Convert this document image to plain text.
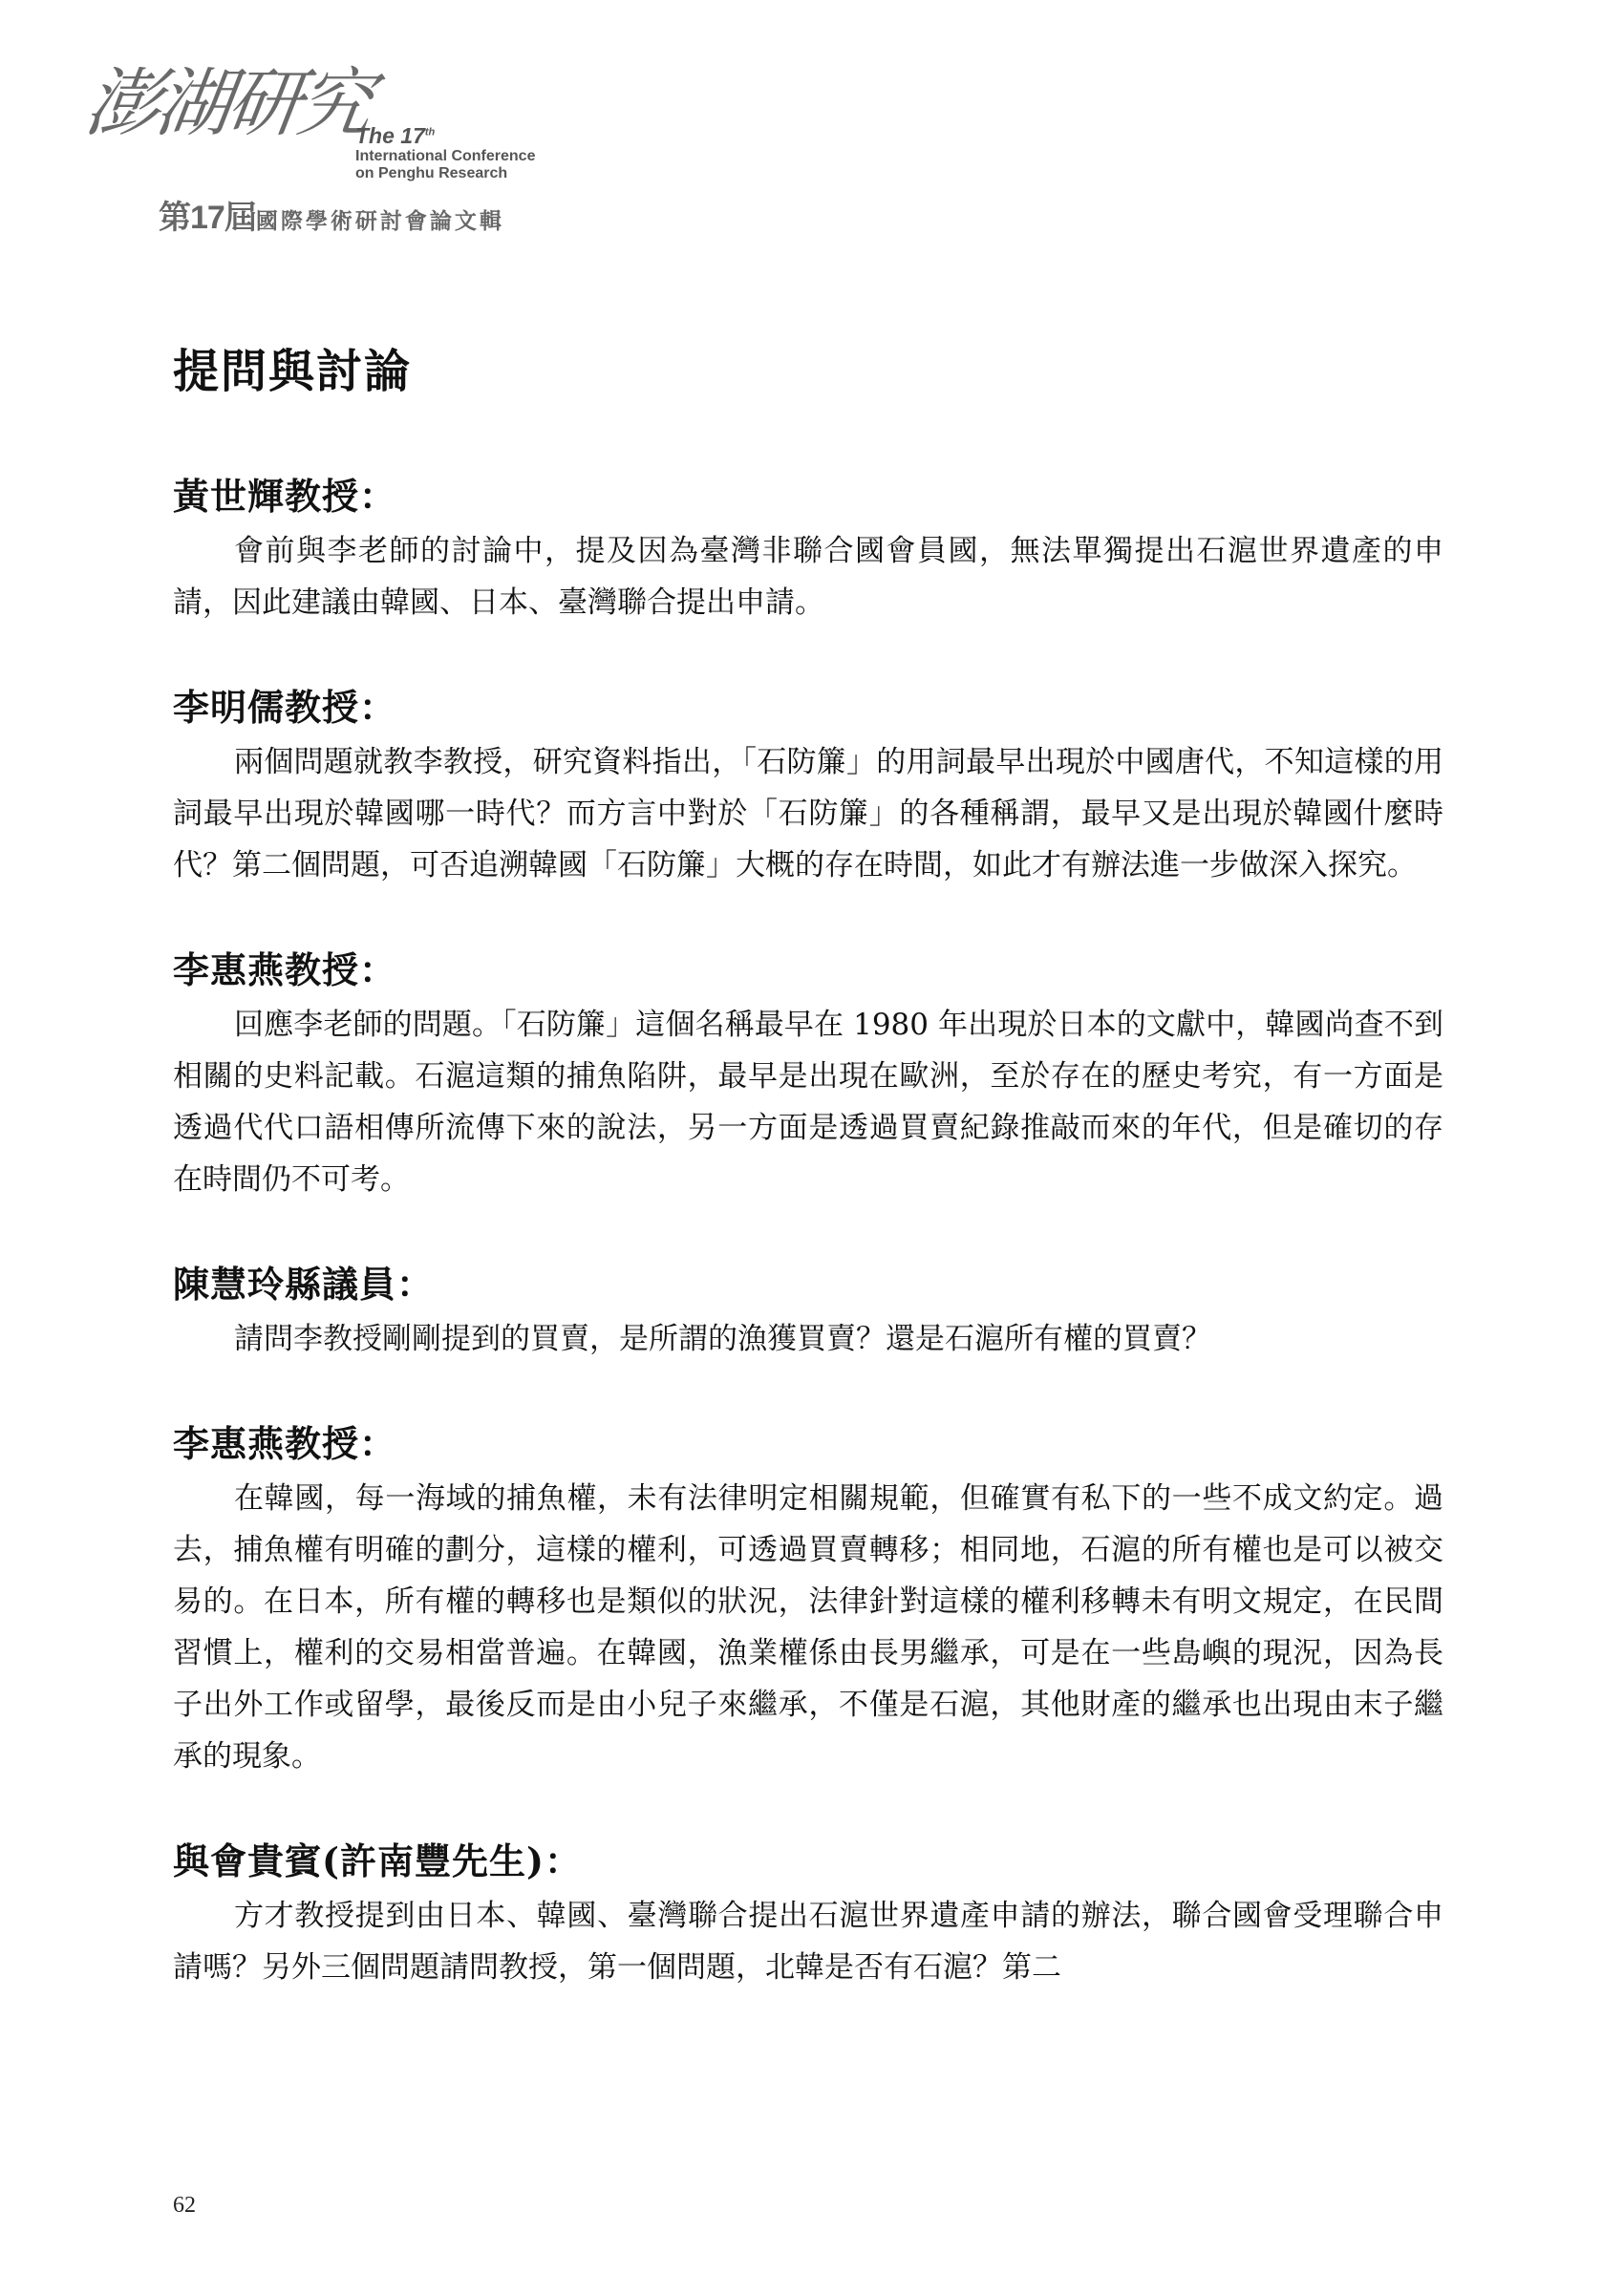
澎湖研究
The 17th
International Conference
on Penghu Research
第17屆國際學術研討會論文輯
提問與討論
黃世輝教授：

會前與李老師的討論中，提及因為臺灣非聯合國會員國，無法單獨提出石滬世界遺產的申請，因此建議由韓國、日本、臺灣聯合提出申請。

李明儒教授：

兩個問題就教李教授，研究資料指出，「石防簾」的用詞最早出現於中國唐代，不知這樣的用詞最早出現於韓國哪一時代？而方言中對於「石防簾」的各種稱謂，最早又是出現於韓國什麼時代？第二個問題，可否追溯韓國「石防簾」大概的存在時間，如此才有辦法進一步做深入探究。

李惠燕教授：

回應李老師的問題。「石防簾」這個名稱最早在 1980 年出現於日本的文獻中，韓國尚查不到相關的史料記載。石滬這類的捕魚陷阱，最早是出現在歐洲，至於存在的歷史考究，有一方面是透過代代口語相傳所流傳下來的說法，另一方面是透過買賣紀錄推敲而來的年代，但是確切的存在時間仍不可考。

陳慧玲縣議員：

請問李教授剛剛提到的買賣，是所謂的漁獲買賣？還是石滬所有權的買賣？

李惠燕教授：

在韓國，每一海域的捕魚權，未有法律明定相關規範，但確實有私下的一些不成文約定。過去，捕魚權有明確的劃分，這樣的權利，可透過買賣轉移；相同地，石滬的所有權也是可以被交易的。在日本，所有權的轉移也是類似的狀況，法律針對這樣的權利移轉未有明文規定，在民間習慣上，權利的交易相當普遍。在韓國，漁業權係由長男繼承，可是在一些島嶼的現況，因為長子出外工作或留學，最後反而是由小兒子來繼承，不僅是石滬，其他財產的繼承也出現由末子繼承的現象。

與會貴賓(許南豐先生)：

方才教授提到由日本、韓國、臺灣聯合提出石滬世界遺產申請的辦法，聯合國會受理聯合申請嗎？另外三個問題請問教授，第一個問題，北韓是否有石滬？第二

62
